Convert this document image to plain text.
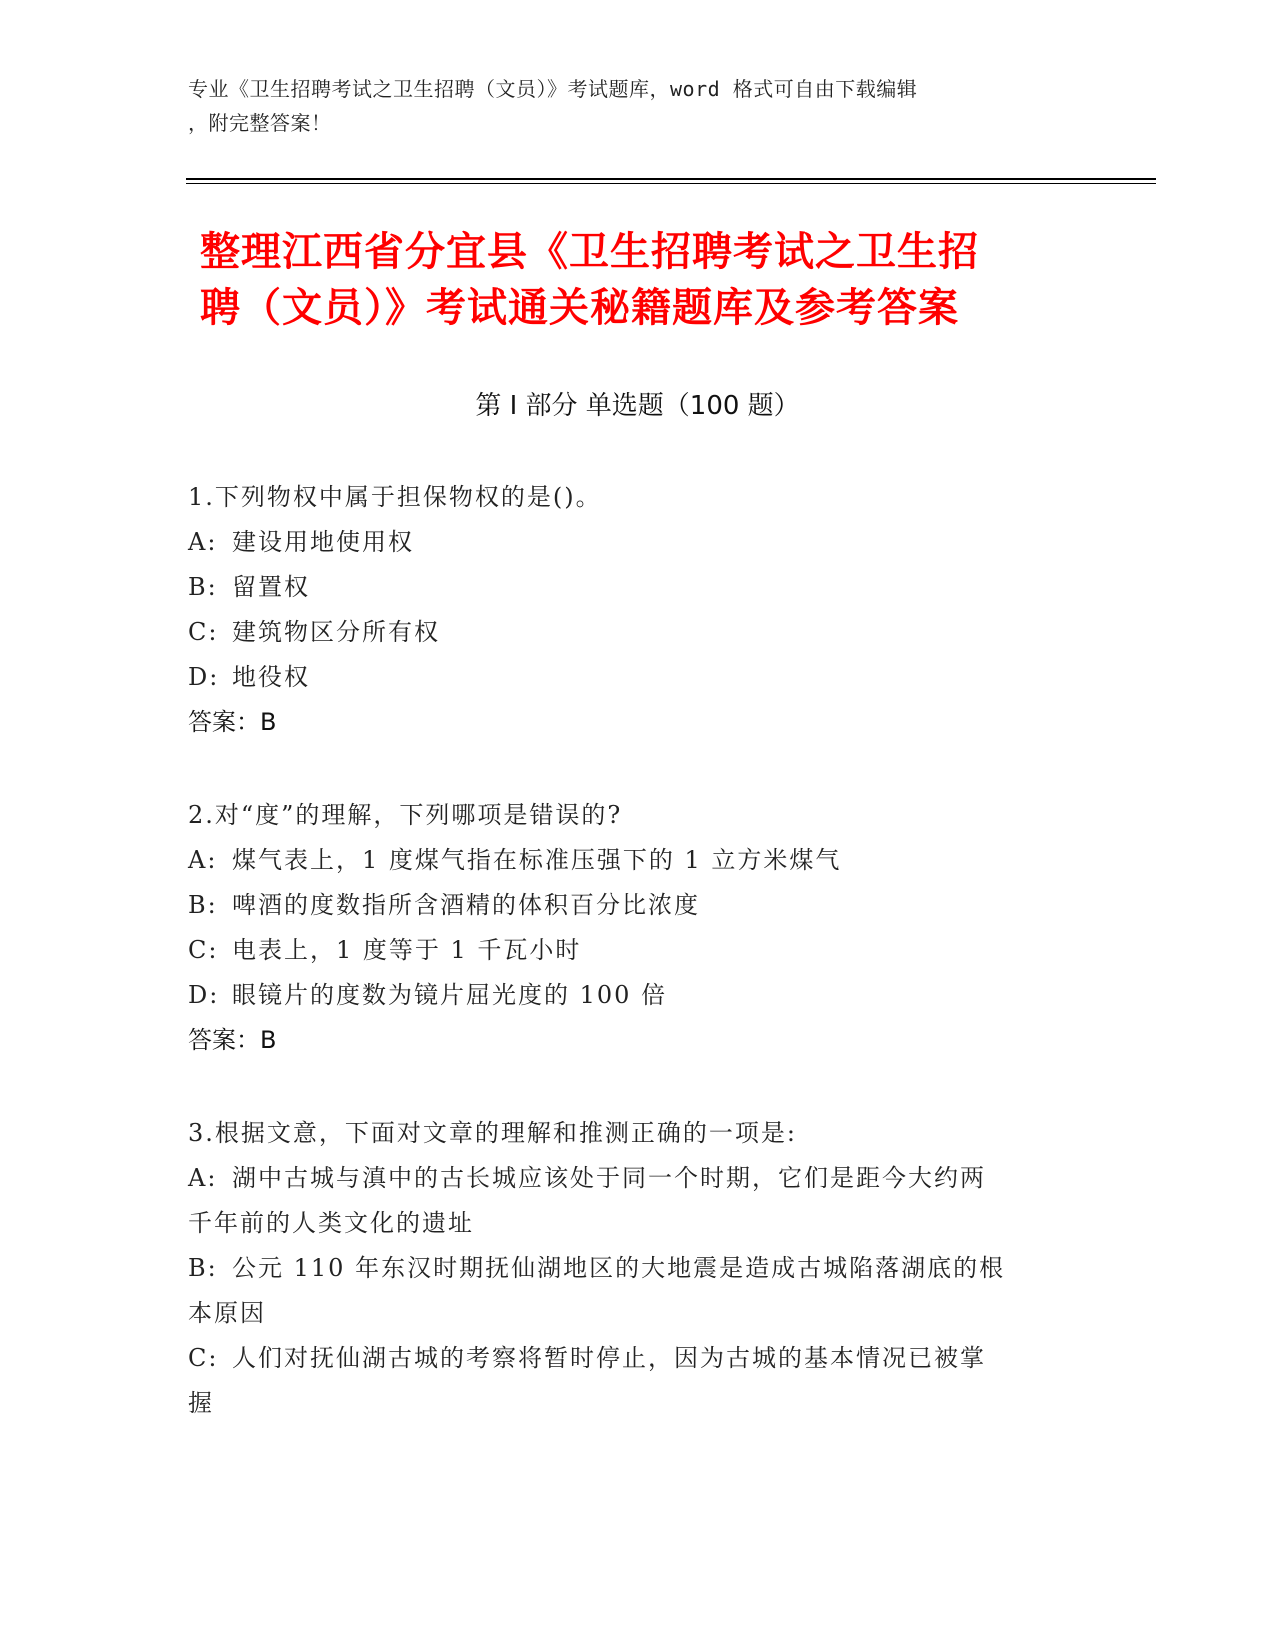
专业《卫生招聘考试之卫生招聘（文员）》考试题库，word 格式可自由下载编辑
，附完整答案！
整理江西省分宜县《卫生招聘考试之卫生招
聘（文员）》考试通关秘籍题库及参考答案
第 I 部分 单选题（100 题）
1.下列物权中属于担保物权的是()。
A: 建设用地使用权
B: 留置权
C: 建筑物区分所有权
D: 地役权
答案：B
2.对“度”的理解，下列哪项是错误的?
A: 煤气表上，1 度煤气指在标准压强下的 1 立方米煤气
B: 啤酒的度数指所含酒精的体积百分比浓度
C: 电表上，1 度等于 1 千瓦小时
D: 眼镜片的度数为镜片屈光度的 100 倍
答案：B
3.根据文意，下面对文章的理解和推测正确的一项是:
A: 湖中古城与滇中的古长城应该处于同一个时期，它们是距今大约两
千年前的人类文化的遗址
B: 公元 110 年东汉时期抚仙湖地区的大地震是造成古城陷落湖底的根
本原因
C: 人们对抚仙湖古城的考察将暂时停止，因为古城的基本情况已被掌
握
